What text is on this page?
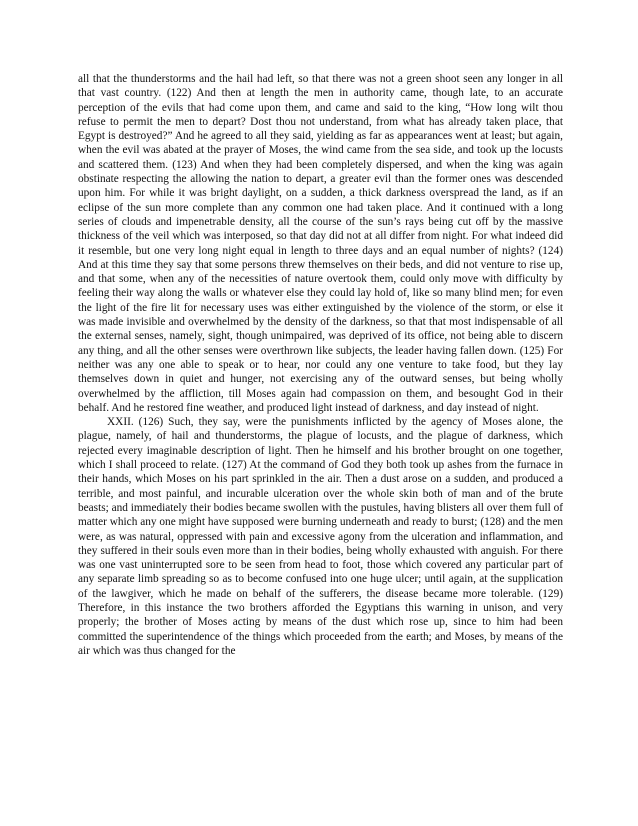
all that the thunderstorms and the hail had left, so that there was not a green shoot seen any longer in all that vast country. (122) And then at length the men in authority came, though late, to an accurate perception of the evils that had come upon them, and came and said to the king, “How long wilt thou refuse to permit the men to depart? Dost thou not understand, from what has already taken place, that Egypt is destroyed?” And he agreed to all they said, yielding as far as appearances went at least; but again, when the evil was abated at the prayer of Moses, the wind came from the sea side, and took up the locusts and scattered them. (123) And when they had been completely dispersed, and when the king was again obstinate respecting the allowing the nation to depart, a greater evil than the former ones was descended upon him. For while it was bright daylight, on a sudden, a thick darkness overspread the land, as if an eclipse of the sun more complete than any common one had taken place. And it continued with a long series of clouds and impenetrable density, all the course of the sun’s rays being cut off by the massive thickness of the veil which was interposed, so that day did not at all differ from night. For what indeed did it resemble, but one very long night equal in length to three days and an equal number of nights? (124) And at this time they say that some persons threw themselves on their beds, and did not venture to rise up, and that some, when any of the necessities of nature overtook them, could only move with difficulty by feeling their way along the walls or whatever else they could lay hold of, like so many blind men; for even the light of the fire lit for necessary uses was either extinguished by the violence of the storm, or else it was made invisible and overwhelmed by the density of the darkness, so that that most indispensable of all the external senses, namely, sight, though unimpaired, was deprived of its office, not being able to discern any thing, and all the other senses were overthrown like subjects, the leader having fallen down. (125) For neither was any one able to speak or to hear, nor could any one venture to take food, but they lay themselves down in quiet and hunger, not exercising any of the outward senses, but being wholly overwhelmed by the affliction, till Moses again had compassion on them, and besought God in their behalf. And he restored fine weather, and produced light instead of darkness, and day instead of night.

XXII. (126) Such, they say, were the punishments inflicted by the agency of Moses alone, the plague, namely, of hail and thunderstorms, the plague of locusts, and the plague of darkness, which rejected every imaginable description of light. Then he himself and his brother brought on one together, which I shall proceed to relate. (127) At the command of God they both took up ashes from the furnace in their hands, which Moses on his part sprinkled in the air. Then a dust arose on a sudden, and produced a terrible, and most painful, and incurable ulceration over the whole skin both of man and of the brute beasts; and immediately their bodies became swollen with the pustules, having blisters all over them full of matter which any one might have supposed were burning underneath and ready to burst; (128) and the men were, as was natural, oppressed with pain and excessive agony from the ulceration and inflammation, and they suffered in their souls even more than in their bodies, being wholly exhausted with anguish. For there was one vast uninterrupted sore to be seen from head to foot, those which covered any particular part of any separate limb spreading so as to become confused into one huge ulcer; until again, at the supplication of the lawgiver, which he made on behalf of the sufferers, the disease became more tolerable. (129) Therefore, in this instance the two brothers afforded the Egyptians this warning in unison, and very properly; the brother of Moses acting by means of the dust which rose up, since to him had been committed the superintendence of the things which proceeded from the earth; and Moses, by means of the air which was thus changed for the
